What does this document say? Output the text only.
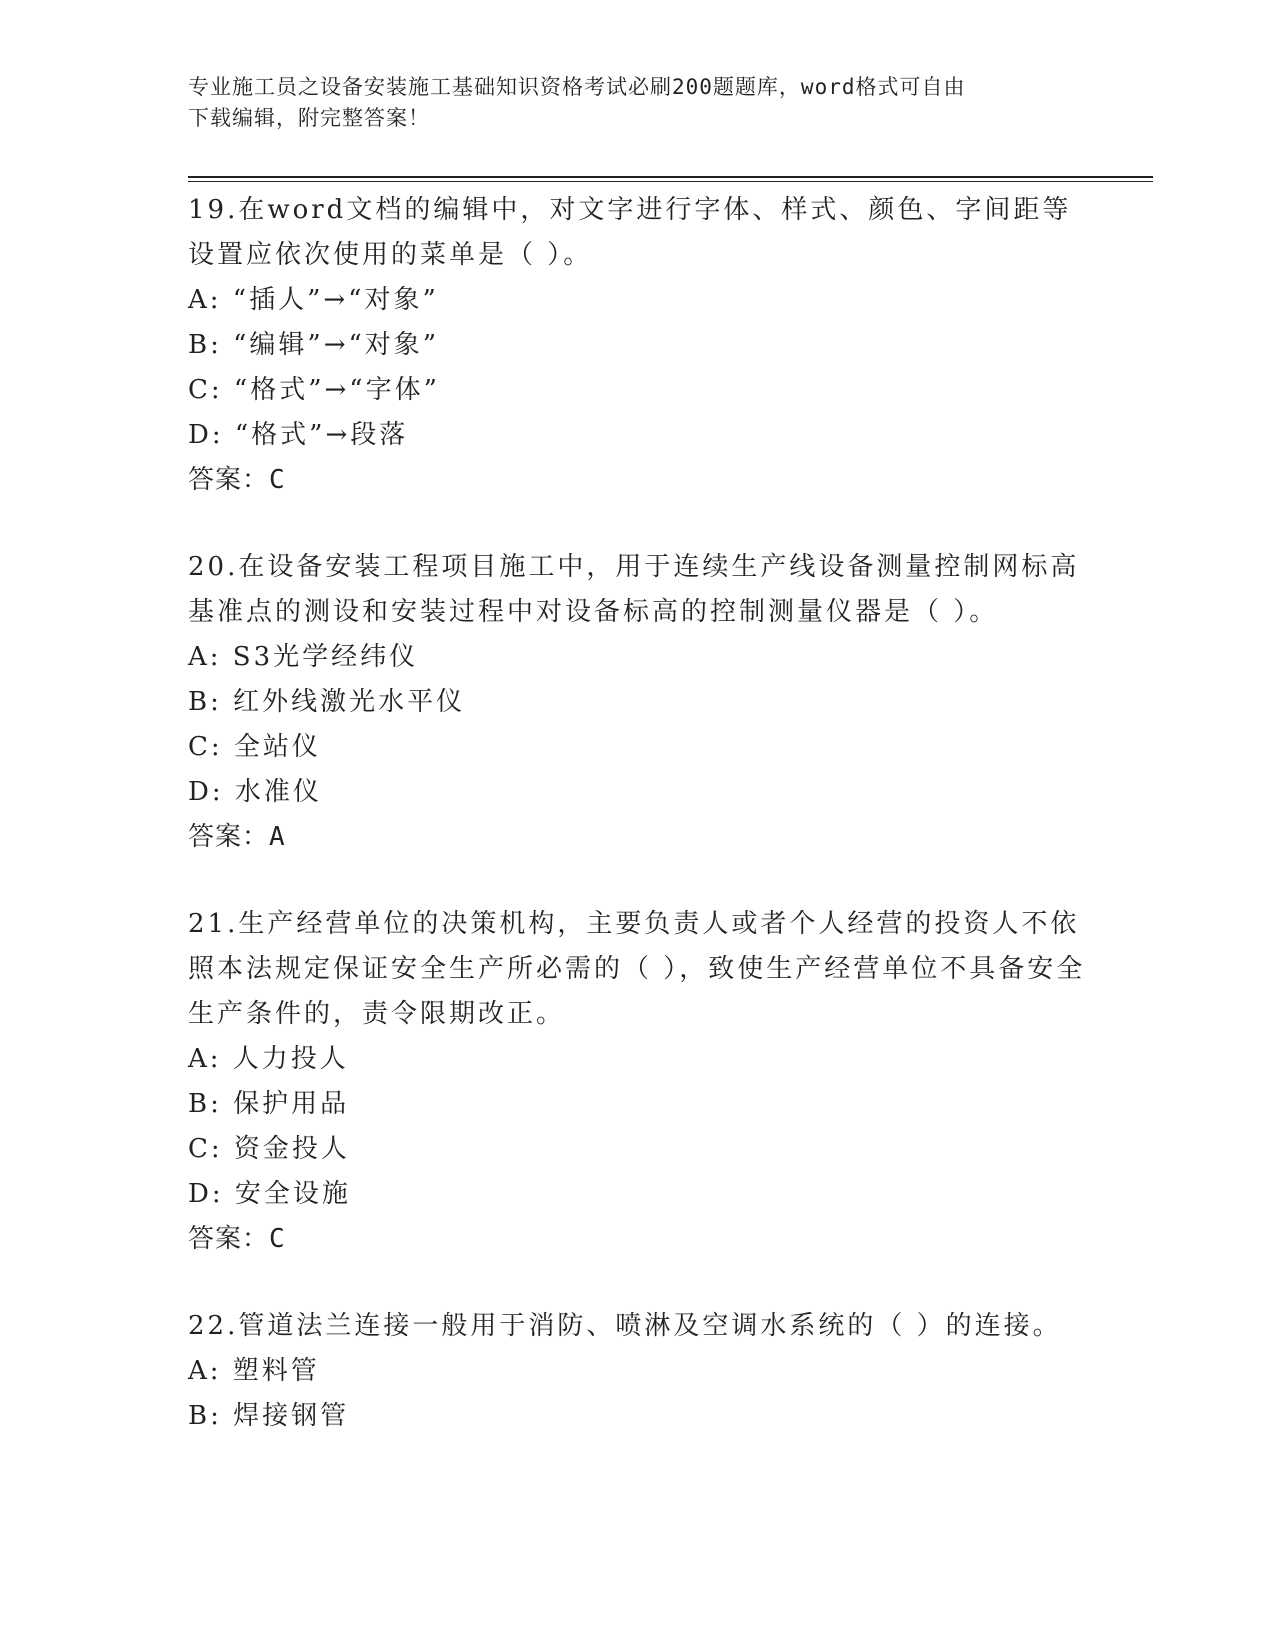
专业施工员之设备安装施工基础知识资格考试必刷200题题库，word格式可自由
下载编辑，附完整答案！

19.在word文档的编辑中，对文字进行字体、样式、颜色、字间距等设置应依次使用的菜单是（ ）。

A: “插人”→“对象”

B: “编辑”→“对象”

C: “格式”→“字体”

D: “格式”→段落

答案：C

20.在设备安装工程项目施工中，用于连续生产线设备测量控制网标高基准点的测设和安装过程中对设备标高的控制测量仪器是（ ）。

A: S3光学经纬仪

B: 红外线激光水平仪

C: 全站仪

D: 水准仪

答案：A

21.生产经营单位的决策机构，主要负责人或者个人经营的投资人不依照本法规定保证安全生产所必需的（ ），致使生产经营单位不具备安全生产条件的，责令限期改正。

A: 人力投人

B: 保护用品

C: 资金投人

D: 安全设施

答案：C

22.管道法兰连接一般用于消防、喷淋及空调水系统的（ ）的连接。

A: 塑料管

B: 焊接钢管
